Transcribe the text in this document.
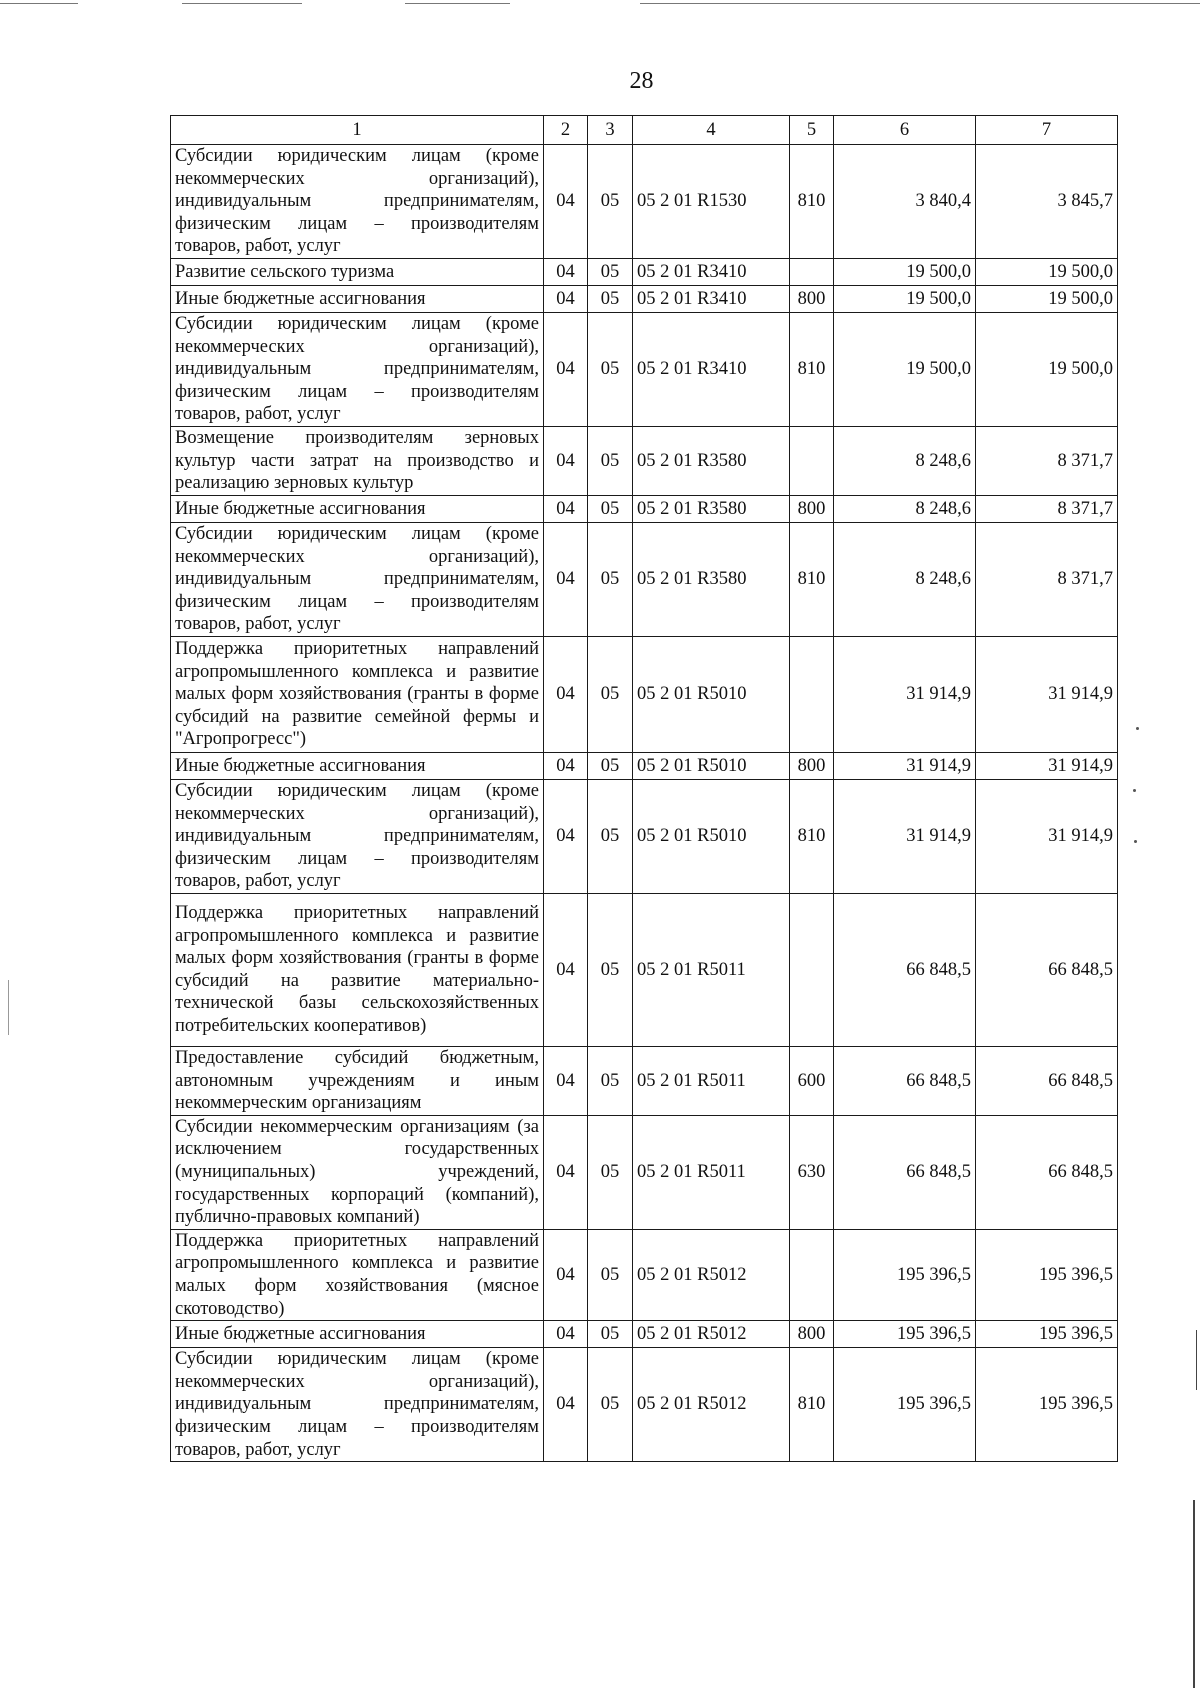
28
1	2	3	4	5	6	7
Субсидии юридическим лицам (кроме некоммерческих организаций), индивидуальным предпринимателям, физическим лицам – производителям товаров, работ, услуг	04	05	05 2 01 R1530	810	3 840,4	3 845,7
Развитие сельского туризма	04	05	05 2 01 R3410		19 500,0	19 500,0
Иные бюджетные ассигнования	04	05	05 2 01 R3410	800	19 500,0	19 500,0
Субсидии юридическим лицам (кроме некоммерческих организаций), индивидуальным предпринимателям, физическим лицам – производителям товаров, работ, услуг	04	05	05 2 01 R3410	810	19 500,0	19 500,0
Возмещение производителям зерновых культур части затрат на производство и реализацию зерновых культур	04	05	05 2 01 R3580		8 248,6	8 371,7
Иные бюджетные ассигнования	04	05	05 2 01 R3580	800	8 248,6	8 371,7
Субсидии юридическим лицам (кроме некоммерческих организаций), индивидуальным предпринимателям, физическим лицам – производителям товаров, работ, услуг	04	05	05 2 01 R3580	810	8 248,6	8 371,7
Поддержка приоритетных направлений агропромышленного комплекса и развитие малых форм хозяйствования (гранты в форме субсидий на развитие семейной фермы и "Агропрогресс")	04	05	05 2 01 R5010		31 914,9	31 914,9
Иные бюджетные ассигнования	04	05	05 2 01 R5010	800	31 914,9	31 914,9
Субсидии юридическим лицам (кроме некоммерческих организаций), индивидуальным предпринимателям, физическим лицам – производителям товаров, работ, услуг	04	05	05 2 01 R5010	810	31 914,9	31 914,9
Поддержка приоритетных направлений агропромышленного комплекса и развитие малых форм хозяйствования (гранты в форме субсидий на развитие материально-технической базы сельскохозяйственных потребительских кооперативов)	04	05	05 2 01 R5011		66 848,5	66 848,5
Предоставление субсидий бюджетным, автономным учреждениям и иным некоммерческим организациям	04	05	05 2 01 R5011	600	66 848,5	66 848,5
Субсидии некоммерческим организациям (за исключением государственных (муниципальных) учреждений, государственных корпораций (компаний), публично-правовых компаний)	04	05	05 2 01 R5011	630	66 848,5	66 848,5
Поддержка приоритетных направлений агропромышленного комплекса и развитие малых форм хозяйствования (мясное скотоводство)	04	05	05 2 01 R5012		195 396,5	195 396,5
Иные бюджетные ассигнования	04	05	05 2 01 R5012	800	195 396,5	195 396,5
Субсидии юридическим лицам (кроме некоммерческих организаций), индивидуальным предпринимателям, физическим лицам – производителям товаров, работ, услуг	04	05	05 2 01 R5012	810	195 396,5	195 396,5
